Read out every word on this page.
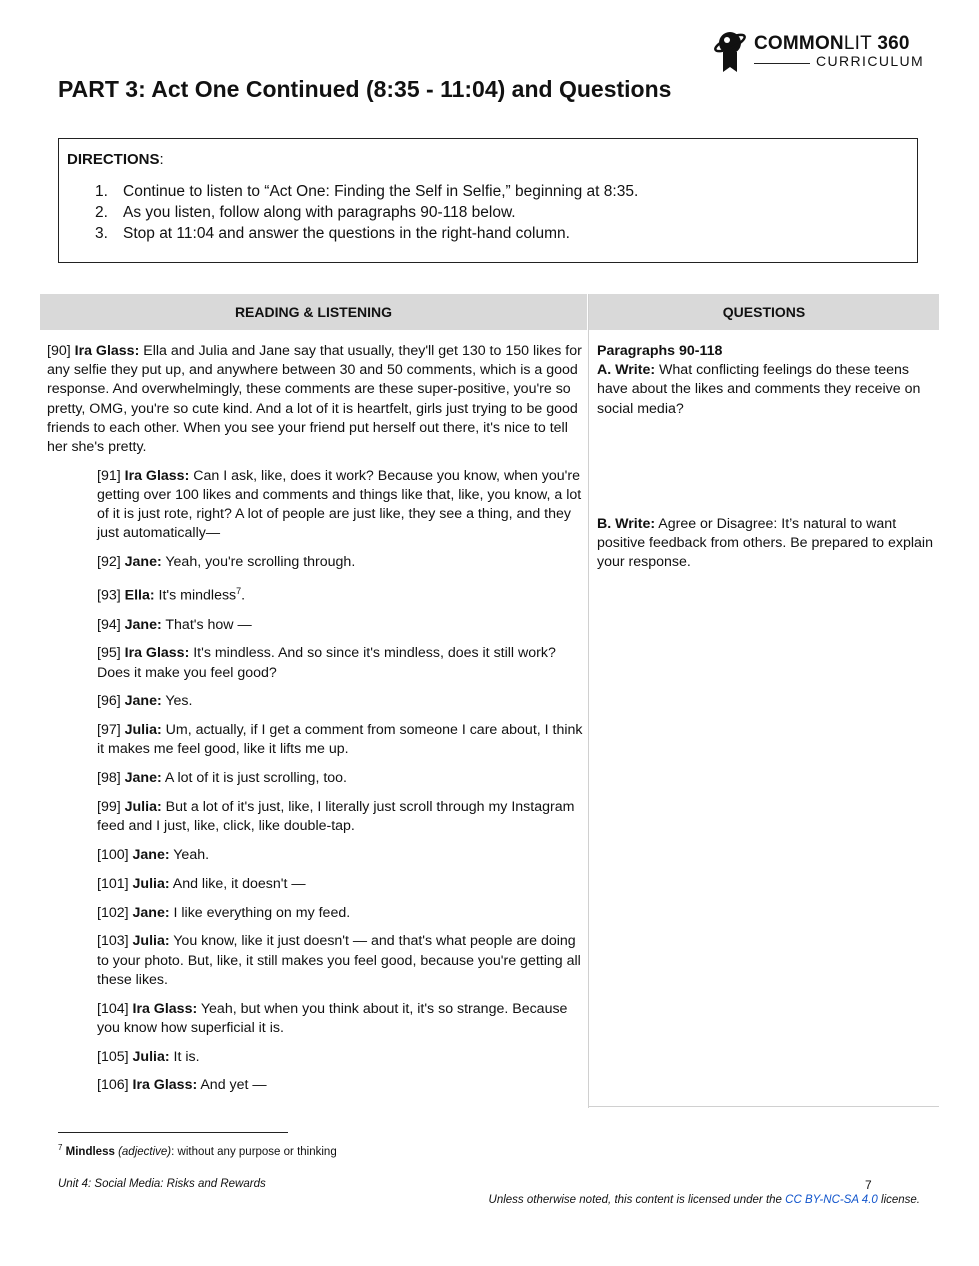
COMMONLIT 360
CURRICULUM
PART 3: Act One Continued (8:35 - 11:04) and Questions
DIRECTIONS:
1. Continue to listen to “Act One: Finding the Self in Selfie,” beginning at 8:35.
2. As you listen, follow along with paragraphs 90-118 below.
3. Stop at 11:04 and answer the questions in the right-hand column.
READING & LISTENING	QUESTIONS

[90] Ira Glass: Ella and Julia and Jane say that usually, they'll get 130 to 150 likes for any selfie they put up, and anywhere between 30 and 50 comments, which is a good response. And overwhelmingly, these comments are these super-positive, you're so pretty, OMG, you're so cute kind. And a lot of it is heartfelt, girls just trying to be good friends to each other. When you see your friend put herself out there, it's nice to tell her she's pretty.

[91] Ira Glass: Can I ask, like, does it work? Because you know, when you're getting over 100 likes and comments and things like that, like, you know, a lot of it is just rote, right? A lot of people are just like, they see a thing, and they just automatically—

[92] Jane: Yeah, you're scrolling through.

[93] Ella: It's mindless$^7$.

[94] Jane: That's how —

[95] Ira Glass: It's mindless. And so since it's mindless, does it still work? Does it make you feel good?

[96] Jane: Yes.

[97] Julia: Um, actually, if I get a comment from someone I care about, I think it makes me feel good, like it lifts me up.

[98] Jane: A lot of it is just scrolling, too.

[99] Julia: But a lot of it's just, like, I literally just scroll through my Instagram feed and I just, like, click, like double-tap.

[100] Jane: Yeah.

[101] Julia: And like, it doesn't —

[102] Jane: I like everything on my feed.

[103] Julia: You know, like it just doesn't — and that's what people are doing to your photo. But, like, it still makes you feel good, because you're getting all these likes.

[104] Ira Glass: Yeah, but when you think about it, it's so strange. Because you know how superficial it is.

[105] Julia: It is.

[106] Ira Glass: And yet —

Paragraphs 90-118

A. Write: What conflicting feelings do these teens have about the likes and comments they receive on social media?

B. Write: Agree or Disagree: It’s natural to want positive feedback from others. Be prepared to explain your response.

$^7$ Mindless (adjective): without any purpose or thinking
Unit 4: Social Media: Risks and Rewards	7
Unless otherwise noted, this content is licensed under the CC BY-NC-SA 4.0 license.
